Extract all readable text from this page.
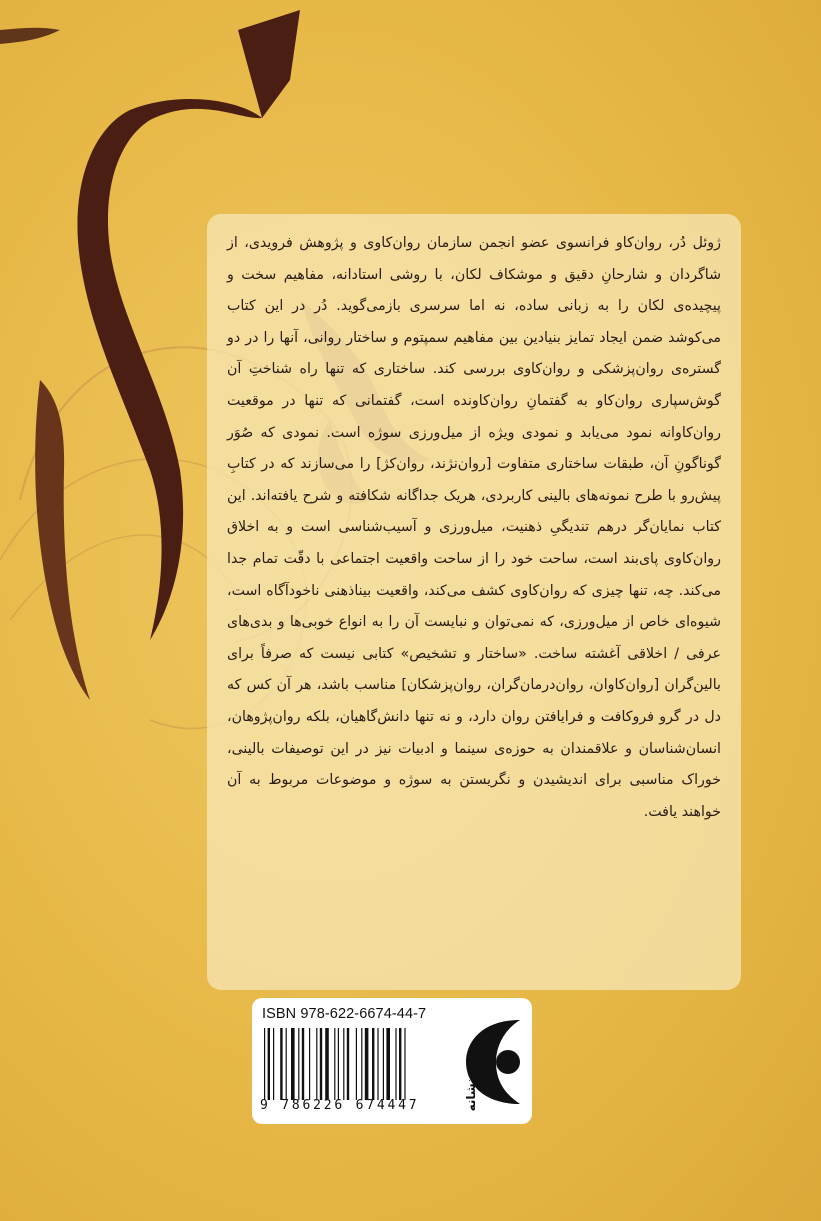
ژوئل دُر، روان‌کاو فرانسوی عضو انجمن سازمان روان‌کاوی و پژوهش فرویدی، از شاگردان و شارحانِ دقیق و موشکاف لکان، با روشی استادانه، مفاهیم سخت و پیچیده‌ی لکان را به زبانی ساده، نه اما سرسری بازمی‌گوید. دُر در این کتاب می‌کوشد ضمن ایجاد تمایز بنیادین بین مفاهیم سمپتوم و ساختار روانی، آنها را در دو گستره‌ی روان‌پزشکی و روان‌کاوی بررسی کند. ساختاری که تنها راه شناختِ آن گوش‌سپاری روان‌کاو به گفتمانِ روان‌کاونده است، گفتمانی که تنها در موقعیت روان‌کاوانه نمود می‌یابد و نمودی ویژه از میل‌ورزی سوژه است. نمودی که صُوَر گوناگونِ آن، طبقات ساختاری متفاوت [روان‌نژند، روان‌کژ] را می‌سازند که در کتابِ پیش‌رو با طرح نمونه‌های بالینی کاربردی، هریک جداگانه شکافته و شرح یافته‌اند. این کتاب نمایان‌گر درهم تندیگیِ ذهنیت، میل‌ورزی و آسیب‌شناسی است و به اخلاق روان‌کاوی پای‌بند است، ساحت خود را از ساحت واقعیت اجتماعی با دقّت تمام جدا می‌کند. چه، تنها چیزی که روان‌کاوی کشف می‌کند، واقعیت بیناذهنی ناخودآگاه است، شیوه‌ای خاص از میل‌ورزی، که نمی‌توان و نبایست آن را به انواع خوبی‌ها و بدی‌های عرفی / اخلاقی آغشته ساخت. «ساختار و تشخیص» کتابی نیست که صرفاً برای بالین‌گران [روان‌کاوان، روان‌درمان‌گران، روان‌پزشکان] مناسب باشد، هر آن کس که دل در گرو فروکافت و فرایافتن روان دارد، و نه تنها دانش‌گاهیان، بلکه روان‌پژوهان، انسان‌شناسان و علاقمندان به حوزه‌ی سینما و ادبیات نیز در این توصیفات بالینی، خوراک مناسبی برای اندیشیدن و نگریستن به سوژه و موضوعات مربوط به آن خواهند یافت.

ISBN 978-622-6674-44-7
9 786226 674447	نشر نشانه
